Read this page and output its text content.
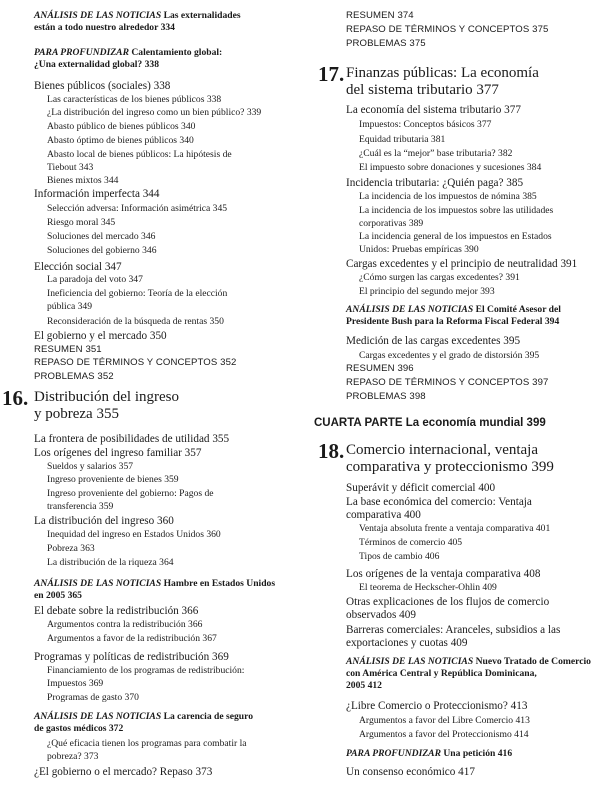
ANÁLISIS DE LAS NOTICIAS Las externalidades
están a todo nuestro alrededor 334
PARA PROFUNDIZAR Calentamiento global:
¿Una externalidad global? 338
Bienes públicos (sociales) 338
Las características de los bienes públicos 338
¿La distribución del ingreso como un bien público? 339
Abasto público de bienes públicos 340
Abasto óptimo de bienes públicos 340
Abasto local de bienes públicos: La hipótesis de
Tiebout 343
Bienes mixtos 344
Información imperfecta 344
Selección adversa: Información asimétrica 345
Riesgo moral 345
Soluciones del mercado 346
Soluciones del gobierno 346
Elección social 347
La paradoja del voto 347
Ineficiencia del gobierno: Teoría de la elección
pública 349
Reconsideración de la búsqueda de rentas 350
El gobierno y el mercado 350
RESUMEN 351
REPASO DE TÉRMINOS Y CONCEPTOS 352
PROBLEMAS 352
16. Distribución del ingreso
y pobreza 355
La frontera de posibilidades de utilidad 355
Los orígenes del ingreso familiar 357
Sueldos y salarios 357
Ingreso proveniente de bienes 359
Ingreso proveniente del gobierno: Pagos de
transferencia 359
La distribución del ingreso 360
Inequidad del ingreso en Estados Unidos 360
Pobreza 363
La distribución de la riqueza 364
ANÁLISIS DE LAS NOTICIAS Hambre en Estados Unidos
en 2005 365
El debate sobre la redistribución 366
Argumentos contra la redistribución 366
Argumentos a favor de la redistribución 367
Programas y políticas de redistribución 369
Financiamiento de los programas de redistribución:
Impuestos 369
Programas de gasto 370
ANÁLISIS DE LAS NOTICIAS La carencia de seguro
de gastos médicos 372
¿Qué eficacia tienen los programas para combatir la
pobreza? 373
¿El gobierno o el mercado? Repaso 373
RESUMEN 374
REPASO DE TÉRMINOS Y CONCEPTOS 375
PROBLEMAS 375
17. Finanzas públicas: La economía
del sistema tributario 377
La economía del sistema tributario 377
Impuestos: Conceptos básicos 377
Equidad tributaria 381
¿Cuál es la “mejor” base tributaria? 382
El impuesto sobre donaciones y sucesiones 384
Incidencia tributaria: ¿Quién paga? 385
La incidencia de los impuestos de nómina 385
La incidencia de los impuestos sobre las utilidades
corporativas 389
La incidencia general de los impuestos en Estados
Unidos: Pruebas empíricas 390
Cargas excedentes y el principio de neutralidad 391
¿Cómo surgen las cargas excedentes? 391
El principio del segundo mejor 393
ANÁLISIS DE LAS NOTICIAS El Comité Asesor del
Presidente Bush para la Reforma Fiscal Federal 394
Medición de las cargas excedentes 395
Cargas excedentes y el grado de distorsión 395
RESUMEN 396
REPASO DE TÉRMINOS Y CONCEPTOS 397
PROBLEMAS 398
CUARTA PARTE La economía mundial 399
18. Comercio internacional, ventaja
comparativa y proteccionismo 399
Superávit y déficit comercial 400
La base económica del comercio: Ventaja
comparativa 400
Ventaja absoluta frente a ventaja comparativa 401
Términos de comercio 405
Tipos de cambio 406
Los orígenes de la ventaja comparativa 408
El teorema de Heckscher-Ohlin 409
Otras explicaciones de los flujos de comercio
observados 409
Barreras comerciales: Aranceles, subsidios a las
exportaciones y cuotas 409
ANÁLISIS DE LAS NOTICIAS Nuevo Tratado de Comercio
con América Central y República Dominicana,
2005 412
¿Libre Comercio o Proteccionismo? 413
Argumentos a favor del Libre Comercio 413
Argumentos a favor del Proteccionismo 414
PARA PROFUNDIZAR Una petición 416
Un consenso económico 417
